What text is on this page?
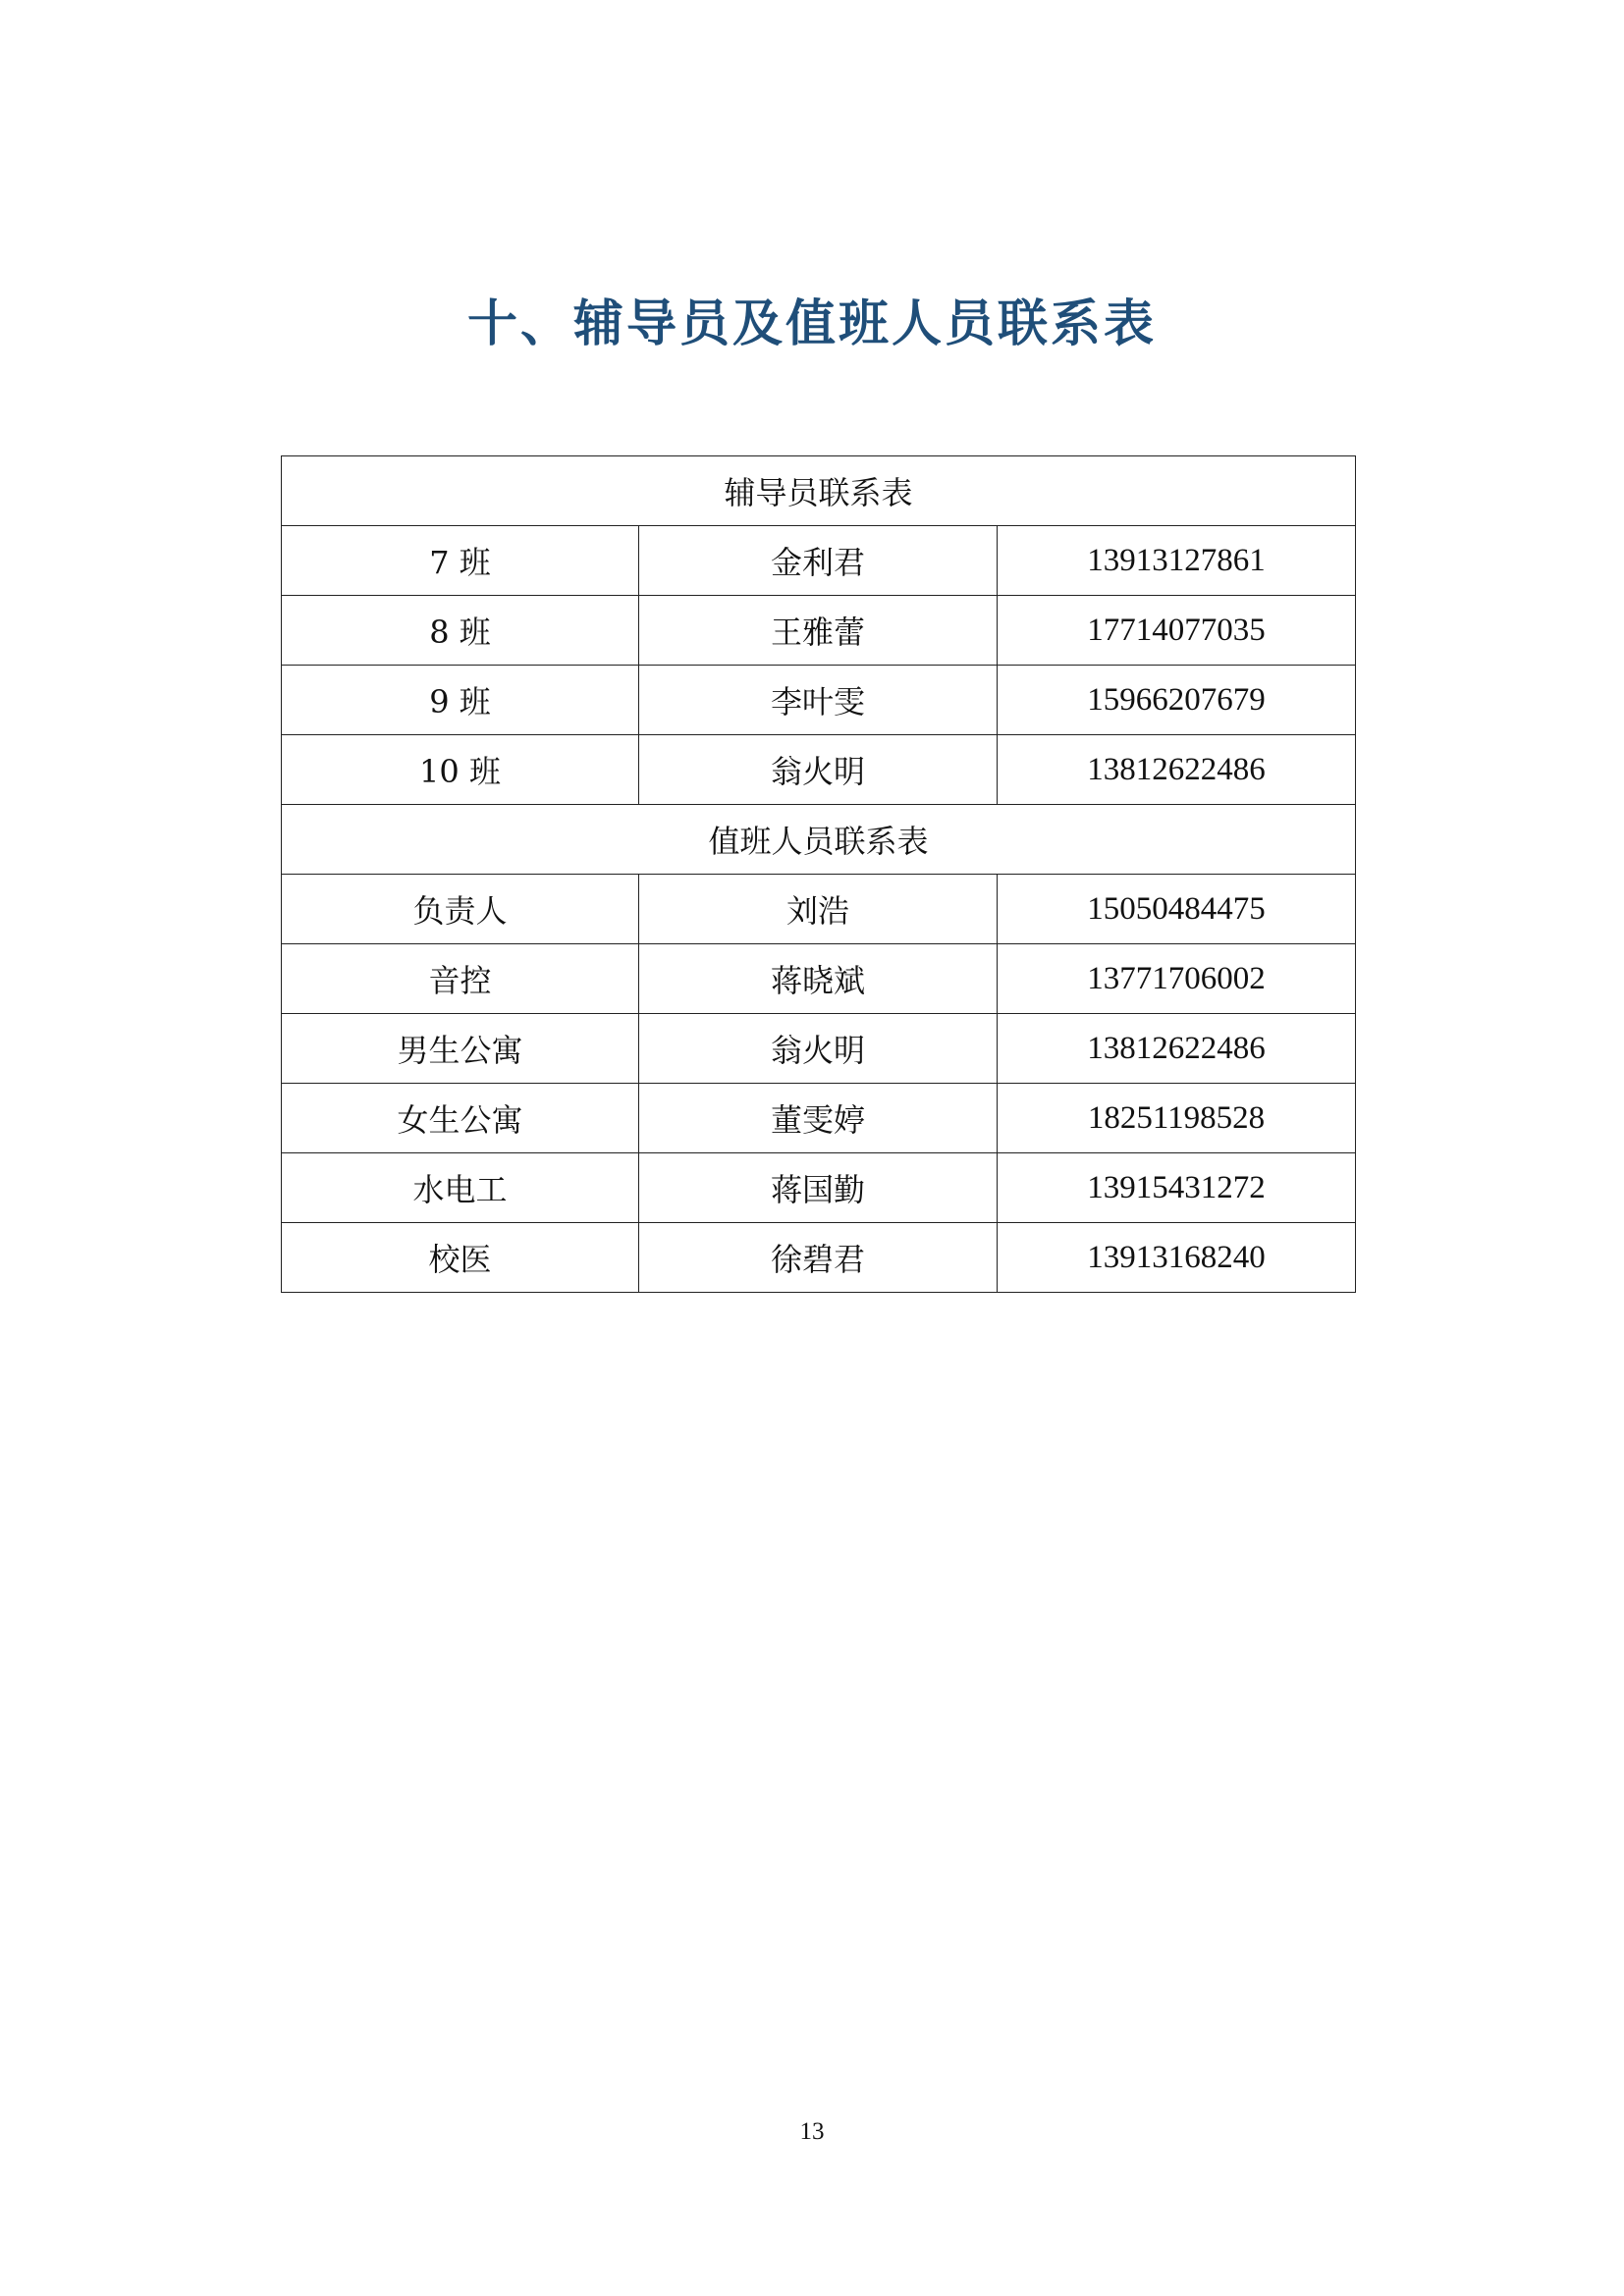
十、辅导员及值班人员联系表
辅导员联系表		
7 班	金利君	13913127861
8 班	王雅蕾	17714077035
9 班	李叶雯	15966207679
10 班	翁火明	13812622486
值班人员联系表		
负责人	刘浩	15050484475
音控	蒋晓斌	13771706002
男生公寓	翁火明	13812622486
女生公寓	董雯婷	18251198528
水电工	蒋国勤	13915431272
校医	徐碧君	13913168240
13
